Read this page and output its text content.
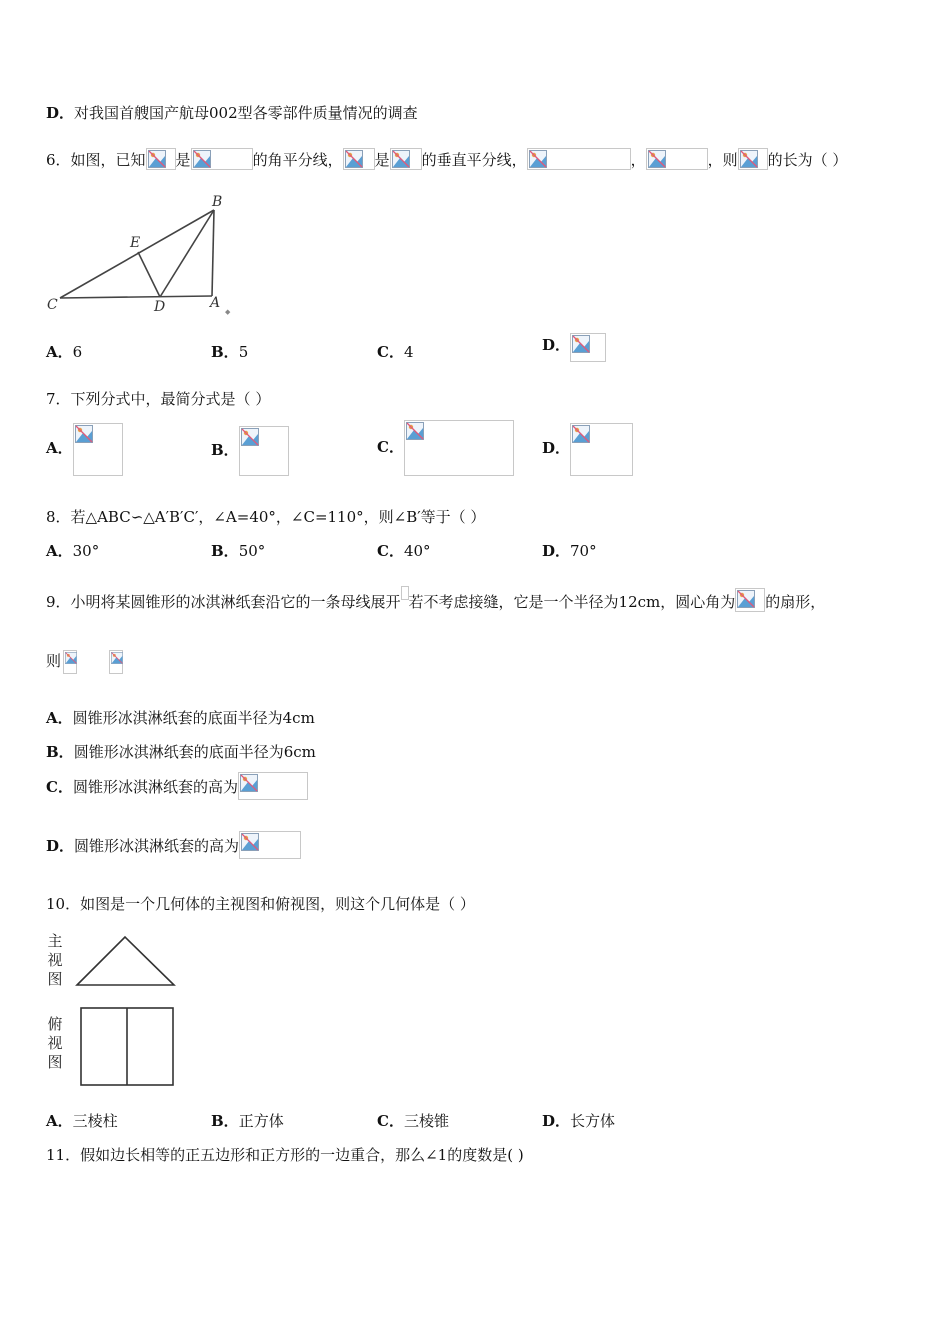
D．对我国首艘国产航母002型各零部件质量情况的调查
6．如图，已知 是	的角平分线， 是 的垂直平分线，	，	，则 的长为（ ）
B
E
C	D	A
◆
A．6	B．5	C．4	D．
7．下列分式中，最简分式是（ ）
A．	B．	C．	D．
8．若△ABC∽△A′B′C′，∠A=40°，∠C=110°，则∠B′等于（ ）
A．30°	B．50°	C．40°	D．70°
9．小明将某圆锥形的冰淇淋纸套沿它的一条母线展开 若不考虑接缝，它是一个半径为12cm，圆心角为 的扇形，
则
A．圆锥形冰淇淋纸套的底面半径为4cm
B．圆锥形冰淇淋纸套的底面半径为6cm
C．圆锥形冰淇淋纸套的高为
D．圆锥形冰淇淋纸套的高为
10．如图是一个几何体的主视图和俯视图，则这个几何体是（ ）
主
视
图
俯
视
图
A．三棱柱	B．正方体	C．三棱锥	D．长方体
11．假如边长相等的正五边形和正方形的一边重合，那么∠1的度数是( )
